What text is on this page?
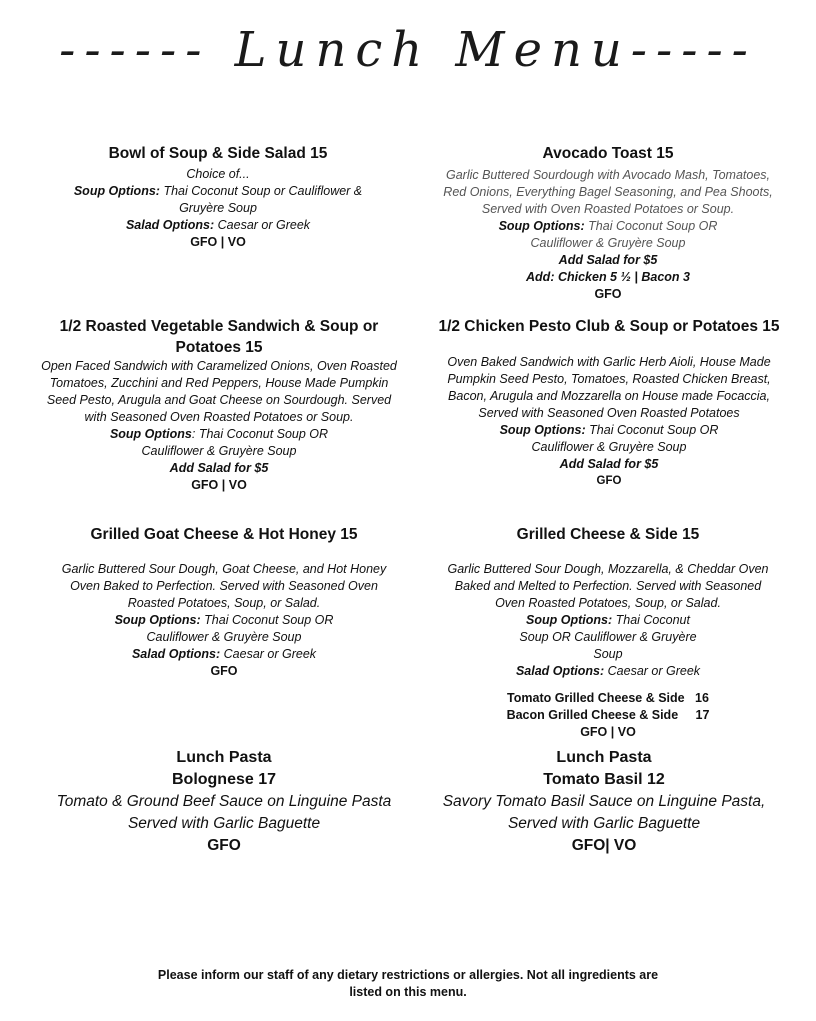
------ Lunch Menu-----
Bowl of Soup & Side Salad 15
Choice of...
Soup Options: Thai Coconut Soup or Cauliflower & Gruyère Soup
Salad Options: Caesar or Greek
GFO | VO
Avocado Toast 15
Garlic Buttered Sourdough with Avocado Mash, Tomatoes, Red Onions, Everything Bagel Seasoning, and Pea Shoots, Served with Oven Roasted Potatoes or Soup.
Soup Options: Thai Coconut Soup OR Cauliflower & Gruyère Soup
Add Salad for $5
Add: Chicken 5 ½ | Bacon 3
GFO
1/2 Roasted Vegetable Sandwich & Soup or Potatoes 15
Open Faced Sandwich with Caramelized Onions, Oven Roasted Tomatoes, Zucchini and Red Peppers, House Made Pumpkin Seed Pesto, Arugula and Goat Cheese on Sourdough. Served with Seasoned Oven Roasted Potatoes or Soup.
Soup Options: Thai Coconut Soup OR Cauliflower & Gruyère Soup
Add Salad for $5
GFO | VO
1/2 Chicken Pesto Club & Soup or Potatoes 15
Oven Baked Sandwich with Garlic Herb Aioli, House Made Pumpkin Seed Pesto, Tomatoes, Roasted Chicken Breast, Bacon, Arugula and Mozzarella on House made Focaccia, Served with Seasoned Oven Roasted Potatoes
Soup Options: Thai Coconut Soup OR Cauliflower & Gruyère Soup
Add Salad for $5
GFO
Grilled Goat Cheese & Hot Honey 15
Garlic Buttered Sour Dough, Goat Cheese, and Hot Honey Oven Baked to Perfection. Served with Seasoned Oven Roasted Potatoes, Soup, or Salad.
Soup Options: Thai Coconut Soup OR Cauliflower & Gruyère Soup
Salad Options: Caesar or Greek
GFO
Grilled Cheese & Side 15
Garlic Buttered Sour Dough, Mozzarella, & Cheddar Oven Baked and Melted to Perfection. Served with Seasoned Oven Roasted Potatoes, Soup, or Salad.
Soup Options: Thai Coconut Soup OR Cauliflower & Gruyère Soup
Salad Options: Caesar or Greek
Tomato Grilled Cheese & Side   16
Bacon Grilled Cheese & Side     17
GFO | VO
Lunch Pasta
Bolognese 17
Tomato & Ground Beef Sauce on Linguine Pasta
Served with Garlic Baguette
GFO
Lunch Pasta
Tomato Basil 12
Savory Tomato Basil Sauce on Linguine Pasta,
Served with Garlic Baguette
GFO| VO
Please inform our staff of any dietary restrictions or allergies. Not all ingredients are listed on this menu.
